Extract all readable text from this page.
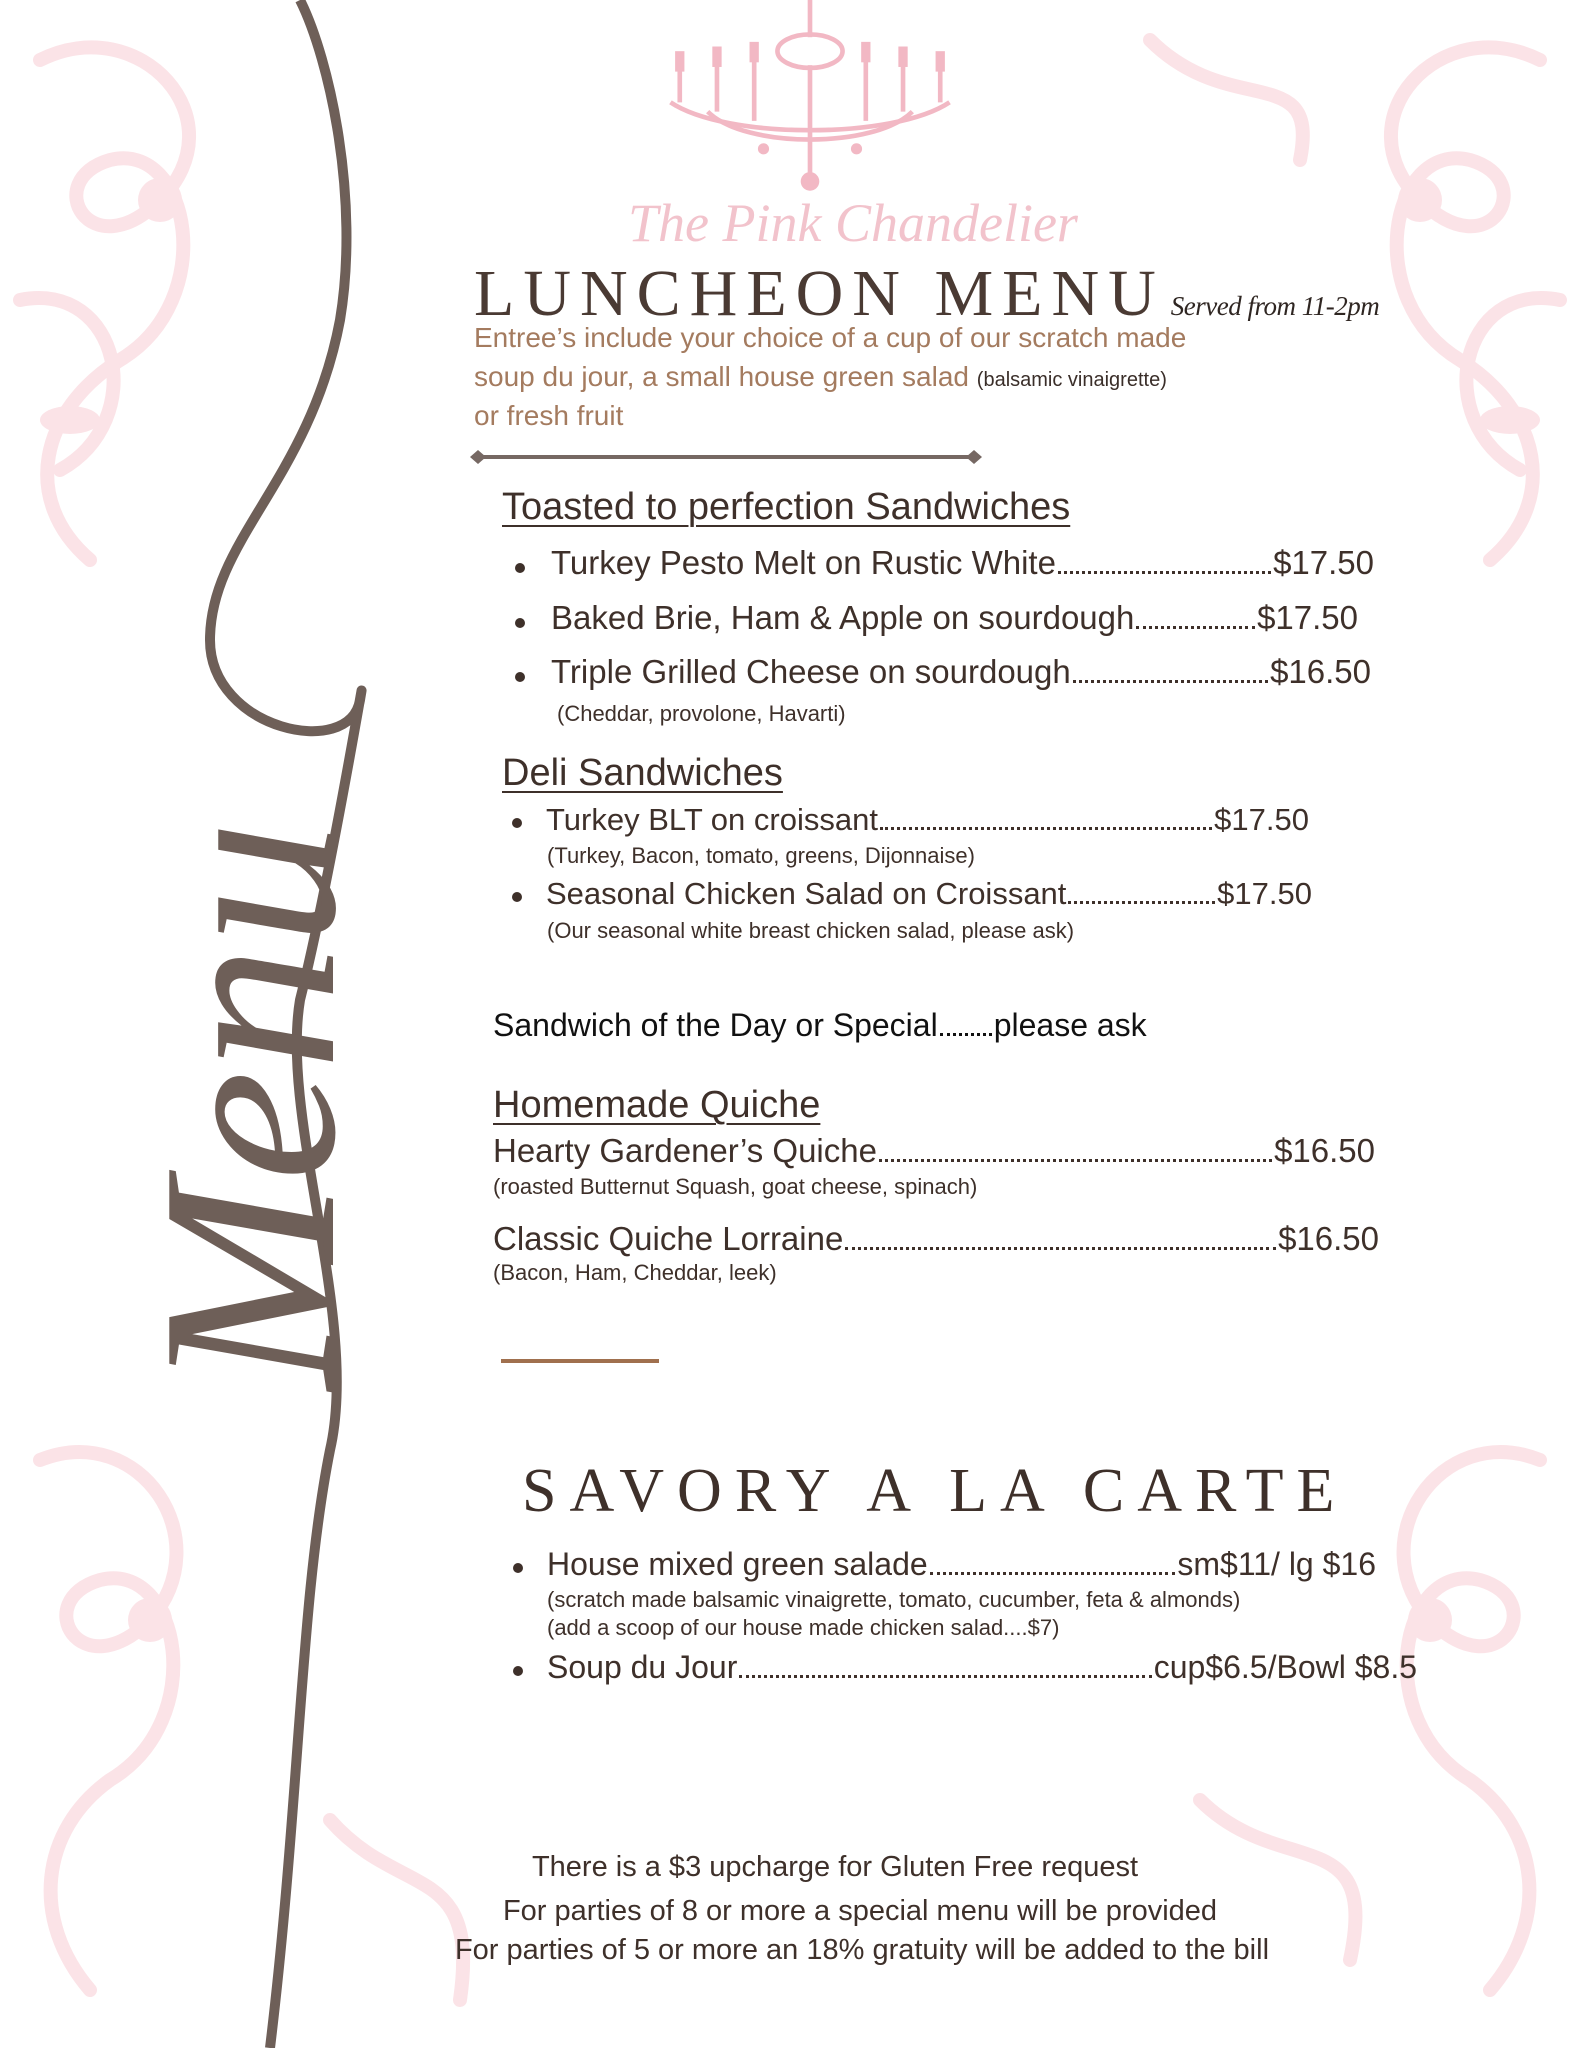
The Pink Chandelier
Menu
LUNCHEON MENU Served from 11-2pm
Entree’s include your choice of a cup of our scratch made
soup du jour, a small house green salad (balsamic vinaigrette)
or fresh fruit
Toasted to perfection Sandwiches
Turkey Pesto Melt on Rustic White	$17.50
Baked Brie, Ham & Apple on sourdough	$17.50
Triple Grilled Cheese on sourdough	$16.50
(Cheddar, provolone, Havarti)
Deli Sandwiches
Turkey BLT on croissant	$17.50
(Turkey, Bacon, tomato, greens, Dijonnaise)
Seasonal Chicken Salad on Croissant	$17.50
(Our seasonal white breast chicken salad, please ask)
Sandwich of the Day or Special please ask
Homemade Quiche
Hearty Gardener’s Quiche	$16.50
(roasted Butternut Squash, goat cheese, spinach)
Classic Quiche Lorraine	$16.50
(Bacon, Ham, Cheddar, leek)
SAVORY A LA CARTE
House mixed green salade	sm$11/ lg $16
(scratch made balsamic vinaigrette, tomato, cucumber, feta & almonds)
(add a scoop of our house made chicken salad....$7)
Soup du Jour	cup$6.5/Bowl $8.5
There is a $3 upcharge for Gluten Free request
For parties of 8 or more a special menu will be provided
For parties of 5 or more an 18% gratuity will be added to the bill
